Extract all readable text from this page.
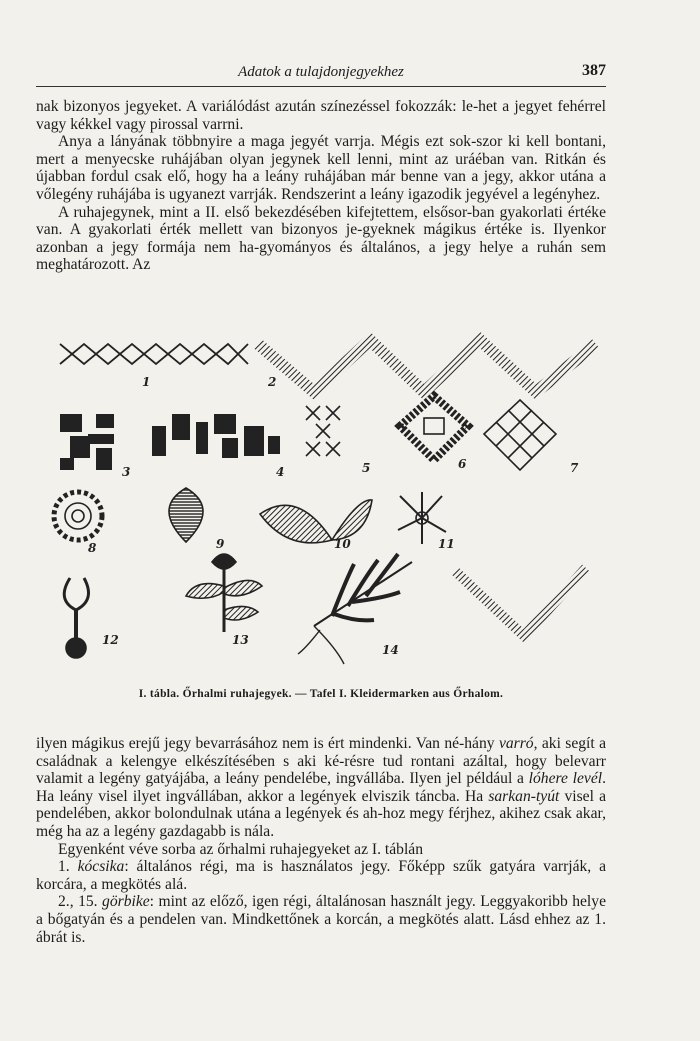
Adatok a tulajdonjegyekhez	387

nak bizonyos jegyeket. A variálódást azután színezéssel fokozzák: le-het a jegyet fehérrel vagy kékkel vagy pirossal varrni.

Anya a lányának többnyire a maga jegyét varrja. Mégis ezt sok-szor ki kell bontani, mert a menyecske ruhájában olyan jegynek kell lenni, mint az uráéban van. Ritkán és újabban fordul csak elő, hogy ha a leány ruhájában már benne van a jegy, akkor utána a vőlegény ruhájába is ugyanezt varrják. Rendszerint a leány igazodik jegyével a legényhez.

A ruhajegynek, mint a II. első bekezdésében kifejtettem, elsősor-ban gyakorlati értéke van. A gyakorlati érték mellett van bizonyos je-gyeknek mágikus értéke is. Ilyenkor azonban a jegy formája nem ha-gyományos és általános, a jegy helye a ruhán sem meghatározott. Az

1	2
3	4	5	6	7
8	9	10	11
12	13
14
I. tábla. Őrhalmi ruhajegyek. — Tafel I. Kleidermarken aus Őrhalom.

ilyen mágikus erejű jegy bevarrásához nem is ért mindenki. Van né-hány varró, aki segít a családnak a kelengye elkészítésében s aki ké-résre tud rontani azáltal, hogy belevarr valamit a legény gatyájába, a leány pendelébe, ingvállába. Ilyen jel például a lóhere levél. Ha leány visel ilyet ingvállában, akkor a legények elviszik táncba. Ha sarkan-tyút visel a pendelében, akkor bolondulnak utána a legények és ah-hoz megy férjhez, akihez csak akar, még ha az a legény gazdagabb is nála.

Egyenként véve sorba az őrhalmi ruhajegyeket az I. táblán

1. kócsika: általános régi, ma is használatos jegy. Főképp szűk gatyára varrják, a korcára, a megkötés alá.

2., 15. görbike: mint az előző, igen régi, általánosan használt jegy. Leggyakoribb helye a bőgatyán és a pendelen van. Mindkettőnek a korcán, a megkötés alatt. Lásd ehhez az 1. ábrát is.
